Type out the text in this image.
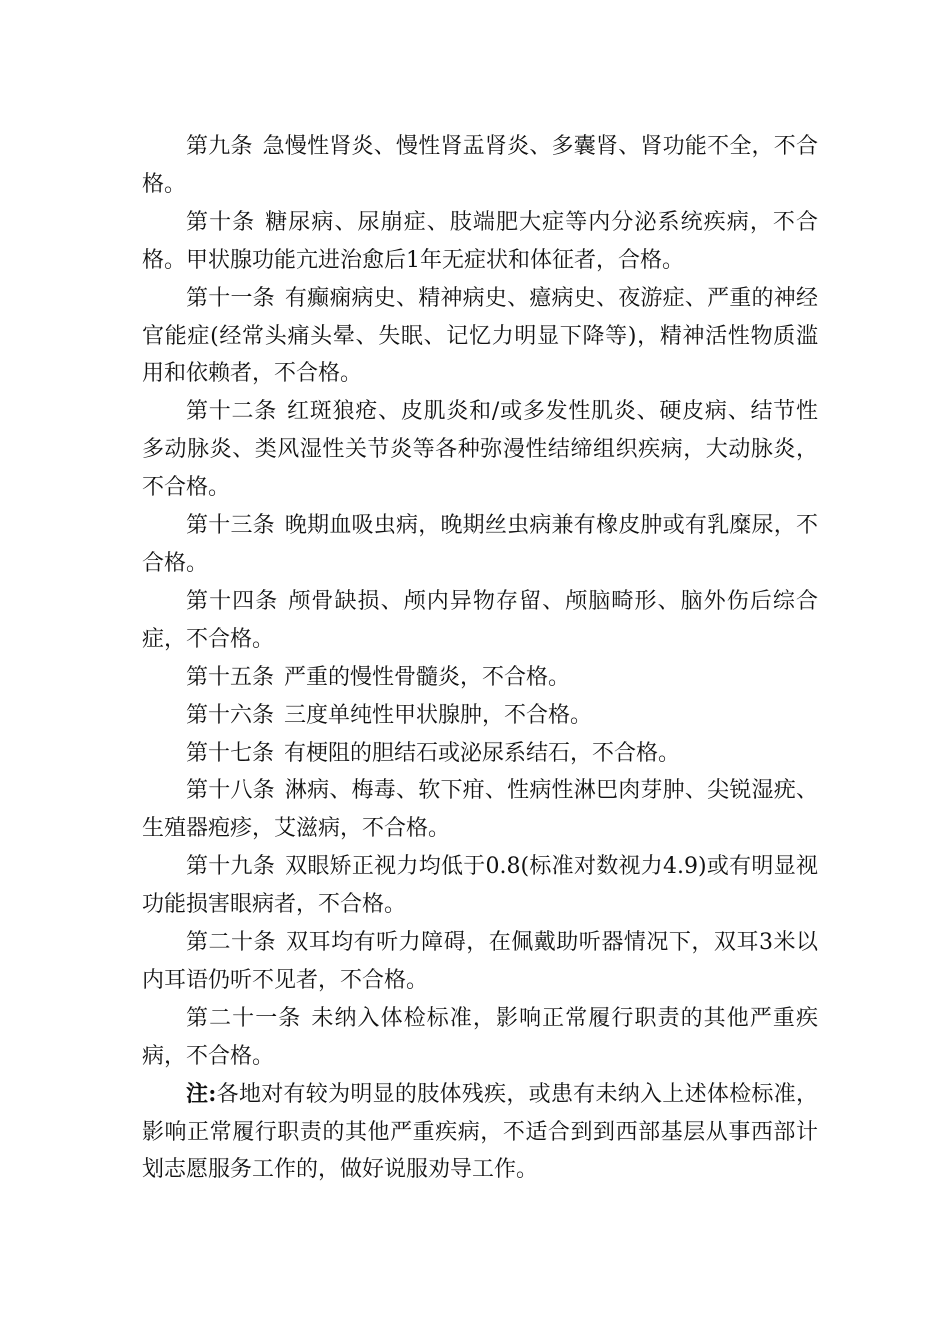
第九条 急慢性肾炎、慢性肾盂肾炎、多囊肾、肾功能不全，不合格。

第十条 糖尿病、尿崩症、肢端肥大症等内分泌系统疾病，不合格。甲状腺功能亢进治愈后1年无症状和体征者，合格。

第十一条 有癫痫病史、精神病史、癔病史、夜游症、严重的神经官能症(经常头痛头晕、失眠、记忆力明显下降等)，精神活性物质滥用和依赖者，不合格。

第十二条 红斑狼疮、皮肌炎和/或多发性肌炎、硬皮病、结节性多动脉炎、类风湿性关节炎等各种弥漫性结缔组织疾病，大动脉炎，不合格。

第十三条 晚期血吸虫病，晚期丝虫病兼有橡皮肿或有乳糜尿，不合格。

第十四条 颅骨缺损、颅内异物存留、颅脑畸形、脑外伤后综合症，不合格。

第十五条 严重的慢性骨髓炎，不合格。

第十六条 三度单纯性甲状腺肿，不合格。

第十七条 有梗阻的胆结石或泌尿系结石，不合格。

第十八条 淋病、梅毒、软下疳、性病性淋巴肉芽肿、尖锐湿疣、生殖器疱疹，艾滋病，不合格。

第十九条 双眼矫正视力均低于0.8(标准对数视力4.9)或有明显视功能损害眼病者，不合格。

第二十条 双耳均有听力障碍，在佩戴助听器情况下，双耳3米以内耳语仍听不见者，不合格。

第二十一条 未纳入体检标准，影响正常履行职责的其他严重疾病，不合格。

注:各地对有较为明显的肢体残疾，或患有未纳入上述体检标准，影响正常履行职责的其他严重疾病，不适合到到西部基层从事西部计划志愿服务工作的，做好说服劝导工作。
